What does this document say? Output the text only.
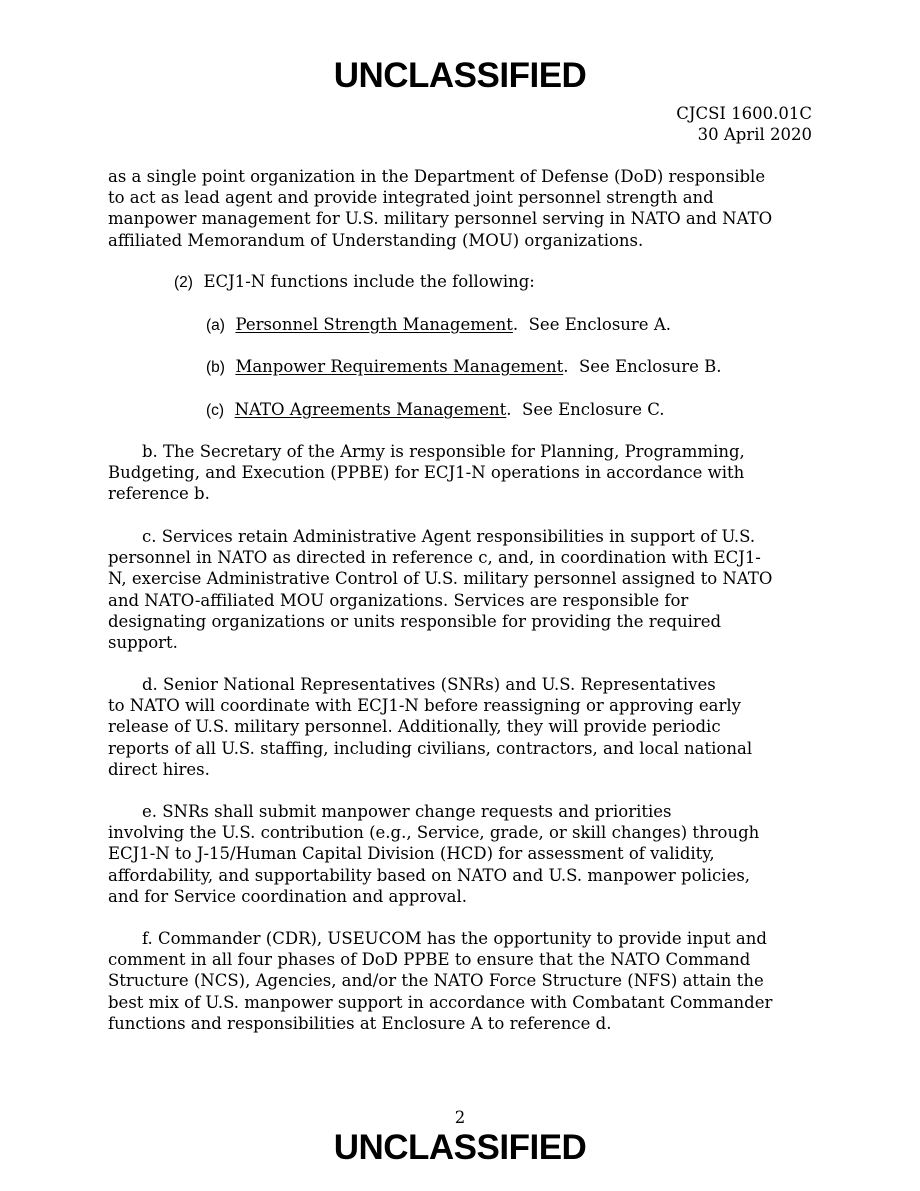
UNCLASSIFIED
CJCSI 1600.01C
30 April 2020
as a single point organization in the Department of Defense (DoD) responsible
to act as lead agent and provide integrated joint personnel strength and
manpower management for U.S. military personnel serving in NATO and NATO
affiliated Memorandum of Understanding (MOU) organizations.
(2) ECJ1-N functions include the following:
(a) Personnel Strength Management.  See Enclosure A.
(b) Manpower Requirements Management.  See Enclosure B.
(c) NATO Agreements Management.  See Enclosure C.
b. The Secretary of the Army is responsible for Planning, Programming,
Budgeting, and Execution (PPBE) for ECJ1-N operations in accordance with
reference b.
c. Services retain Administrative Agent responsibilities in support of U.S.
personnel in NATO as directed in reference c, and, in coordination with ECJ1-
N, exercise Administrative Control of U.S. military personnel assigned to NATO
and NATO-affiliated MOU organizations. Services are responsible for
designating organizations or units responsible for providing the required
support.
d. Senior National Representatives (SNRs) and U.S. Representatives
to NATO will coordinate with ECJ1-N before reassigning or approving early
release of U.S. military personnel. Additionally, they will provide periodic
reports of all U.S. staffing, including civilians, contractors, and local national
direct hires.
e. SNRs shall submit manpower change requests and priorities
involving the U.S. contribution (e.g., Service, grade, or skill changes) through
ECJ1-N to J-15/Human Capital Division (HCD) for assessment of validity,
affordability, and supportability based on NATO and U.S. manpower policies,
and for Service coordination and approval.
f. Commander (CDR), USEUCOM has the opportunity to provide input and
comment in all four phases of DoD PPBE to ensure that the NATO Command
Structure (NCS), Agencies, and/or the NATO Force Structure (NFS) attain the
best mix of U.S. manpower support in accordance with Combatant Commander
functions and responsibilities at Enclosure A to reference d.
2
UNCLASSIFIED
